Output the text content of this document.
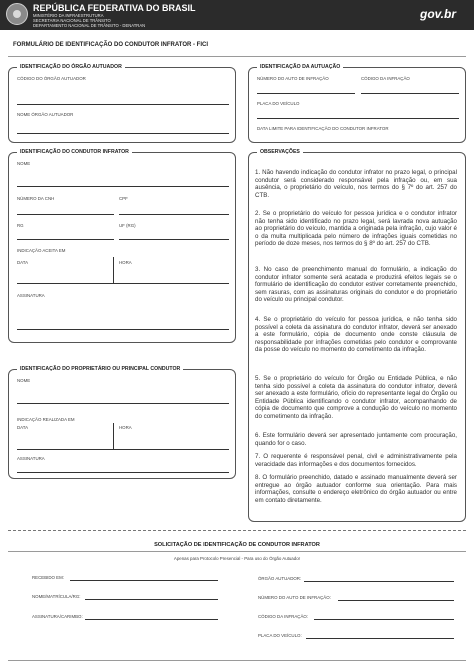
REPÚBLICA FEDERATIVA DO BRASIL
MINISTÉRIO DA INFRAESTRUTURA
SECRETARIA NACIONAL DE TRÂNSITO
DEPARTAMENTO NACIONAL DE TRÂNSITO - DENATRAN
gov.br
FORMULÁRIO DE IDENTIFICAÇÃO DO CONDUTOR INFRATOR - FICI
IDENTIFICAÇÃO DO ÓRGÃO AUTUADOR
CÓDIGO DO ÓRGÃO AUTUADOR
NOME ÓRGÃO AUTUADOR
IDENTIFICAÇÃO DA AUTUAÇÃO
NÚMERO DO AUTO DE INFRAÇÃO	CÓDIGO DA INFRAÇÃO
PLACA DO VEÍCULO
DATA LIMITE PARA IDENTIFICAÇÃO DO CONDUTOR INFRATOR
IDENTIFICAÇÃO DO CONDUTOR INFRATOR
NOME
NÚMERO DA CNH	CPF
RG	UF (RG)
INDICAÇÃO ACEITA EM
DATA	HORA
ASSINATURA
IDENTIFICAÇÃO DO PROPRIETÁRIO OU PRINCIPAL CONDUTOR
NOME
INDICAÇÃO REALIZADA EM
DATA	HORA
ASSINATURA
OBSERVAÇÕES
1. Não havendo indicação do condutor infrator no prazo legal, o principal condutor será considerado responsável pela infração ou, em sua ausência, o proprietário do veículo, nos termos do § 7º do art. 257 do CTB.
2. Se o proprietário do veículo for pessoa jurídica e o condutor infrator não tenha sido identificado no prazo legal, será lavrada nova autuação ao proprietário do veículo, mantida a originada pela infração, cujo valor é o da multa multiplicada pelo número de infrações iguais cometidas no período de doze meses, nos termos do § 8º do art. 257 do CTB.
3. No caso de preenchimento manual do formulário, a indicação do condutor infrator somente será acatada e produzirá efeitos legais se o formulário de identificação do condutor estiver corretamente preenchido, sem rasuras, com as assinaturas originais do condutor e do proprietário do veículo ou principal condutor.
4. Se o proprietário do veículo for pessoa jurídica, e não tenha sido possível a coleta da assinatura do condutor infrator, deverá ser anexado a este formulário, cópia de documento onde conste cláusula de responsabilidade por infrações cometidas pelo condutor e comprovante da posse do veículo no momento do cometimento da infração.
5. Se o proprietário do veículo for Órgão ou Entidade Pública, e não tenha sido possível a coleta da assinatura do condutor infrator, deverá ser anexado a este formulário, ofício do representante legal do Órgão ou Entidade Pública identificando o condutor infrator, acompanhando de cópia de documento que comprove a condução do veículo no momento do cometimento da infração.
6. Este formulário deverá ser apresentado juntamente com procuração, quando for o caso.
7. O requerente é responsável penal, civil e administrativamente pela veracidade das informações e dos documentos fornecidos.
8. O formulário preenchido, datado e assinado manualmente deverá ser entregue ao órgão autuador conforme sua orientação. Para mais informações, consulte o endereço eletrônico do órgão autuador ou entre em contato diretamente.
SOLICITAÇÃO DE IDENTIFICAÇÃO DE CONDUTOR INFRATOR
Apenas para Protocolo Presencial - Para uso do Órgão Autuador
RECEBIDO EM:
NOME/MATRÍCULA/RG:
ASSINATURA/CARIMBO:
ÓRGÃO AUTUADOR:
NÚMERO DO AUTO DE INFRAÇÃO:
CÓDIGO DA INFRAÇÃO:
PLACA DO VEÍCULO:
